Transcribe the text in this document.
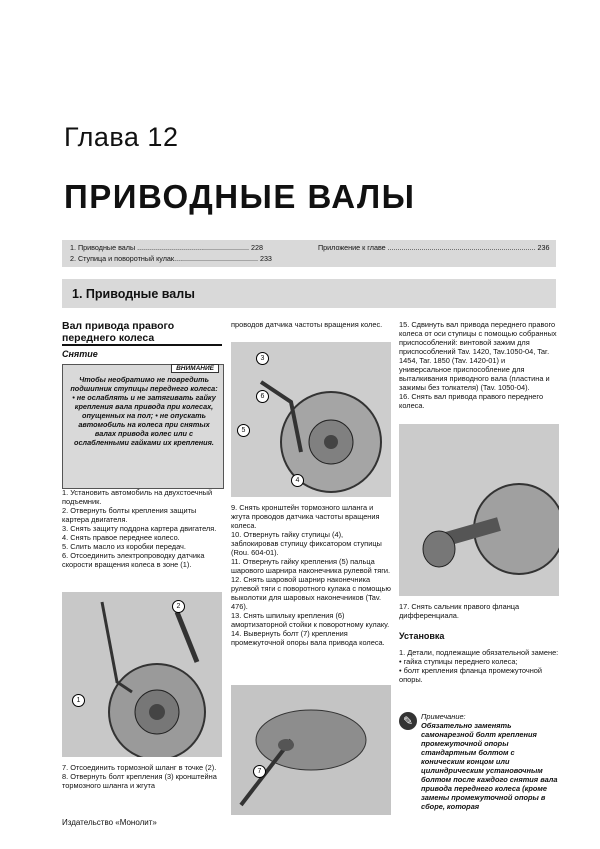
Глава 12
ПРИВОДНЫЕ ВАЛЫ
1. Приводные валы ........................................................ 228
2. Ступица и поворотный кулак.......................................... 233
Приложение к главе .......................................................................... 236
1. Приводные валы

Вал привода правого переднего колеса

Снятие

ВНИМАНИЕ
Чтобы необратимо не повредить подшипник ступицы переднего колеса: • не ослаблять и не затягивать гайку крепления вала привода при колесах, опущенных на пол; • не опускать автомобиль на колеса при снятых валах привода колес или с ослабленными гайками их крепления.
1. Установить автомобиль на двухстоечный подъемник.
2. Отвернуть болты крепления защиты картера двигателя.
3. Снять защиту поддона картера двигателя.
4. Снять правое переднее колесо.
5. Слить масло из коробки передач.
6. Отсоединить электропроводку датчика скорости вращения колеса в зоне (1).
1
2
7. Отсоединить тормозной шланг в точке (2).
8. Отвернуть болт крепления (3) кронштейна тормозного шланга и жгута
проводов датчика частоты вращения колес.
3
6
5
4
9. Снять кронштейн тормозного шланга и жгута проводов датчика частоты вращения колеса.
10. Отвернуть гайку ступицы (4), заблокировав ступицу фиксатором ступицы (Rou. 604-01).
11. Отвернуть гайку крепления (5) пальца шарового шарнира наконечника рулевой тяги.
12. Снять шаровой шарнир наконечника рулевой тяги с поворотного кулака с помощью выколотки для шаровых наконечников (Tav. 476).
13. Снять шпильку крепления (6) амортизаторной стойки к поворотному кулаку.
14. Вывернуть болт (7) крепления промежуточной опоры вала привода колеса.
7
15. Сдвинуть вал привода переднего правого колеса от оси ступицы с помощью собранных приспособлений: винтовой зажим для приспособлений Tav. 1420, Tav.1050-04, Tar. 1454, Tar. 1850 (Tav. 1420-01) и универсальное приспособление для выталкивания приводного вала (пластина и зажимы без толкателя) (Tav. 1050-04).
16. Снять вал привода правого переднего колеса.
17. Снять сальник правого фланца дифференциала.

Установка

1. Детали, подлежащие обязательной замене:
• гайка ступицы переднего колеса;
• болт крепления фланца промежуточной опоры.
✎	Примечание:
Обязательно заменять самонарезной болт крепления промежуточной опоры стандартным болтом с коническим концом или цилиндрическим установочным болтом после каждого снятия вала привода переднего колеса (кроме замены промежуточной опоры в сборе, которая
Издательство «Монолит»
